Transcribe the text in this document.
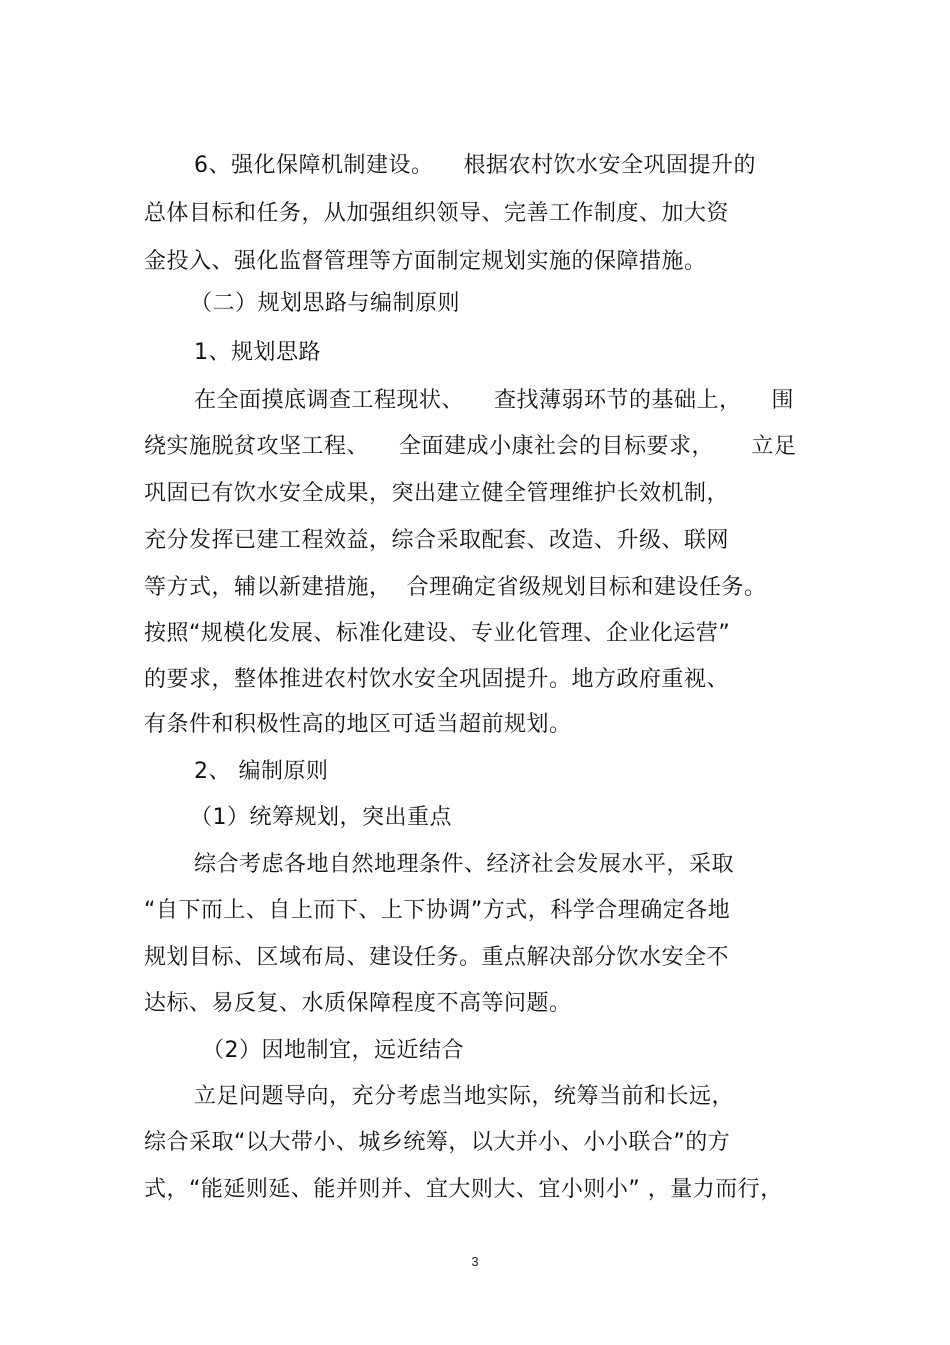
6、强化保障机制建设。    根据农村饮水安全巩固提升的
总体目标和任务，从加强组织领导、完善工作制度、加大资
金投入、强化监督管理等方面制定规划实施的保障措施。
（二）规划思路与编制原则
1、规划思路
在全面摸底调查工程现状、    查找薄弱环节的基础上，    围
绕实施脱贫攻坚工程、    全面建成小康社会的目标要求，     立足
巩固已有饮水安全成果，突出建立健全管理维护长效机制，
充分发挥已建工程效益，综合采取配套、改造、升级、联网
等方式，辅以新建措施，  合理确定省级规划目标和建设任务。
按照“规模化发展、标准化建设、专业化管理、企业化运营”
的要求，整体推进农村饮水安全巩固提升。地方政府重视、
有条件和积极性高的地区可适当超前规划。
2、 编制原则
（1）统筹规划，突出重点
综合考虑各地自然地理条件、经济社会发展水平，采取
“自下而上、自上而下、上下协调”方式，科学合理确定各地
规划目标、区域布局、建设任务。重点解决部分饮水安全不
达标、易反复、水质保障程度不高等问题。
（2）因地制宜，远近结合
立足问题导向，充分考虑当地实际，统筹当前和长远，
综合采取“以大带小、城乡统筹，以大并小、小小联合”的方
式，“能延则延、能并则并、宜大则大、宜小则小” ，量力而行，
3
